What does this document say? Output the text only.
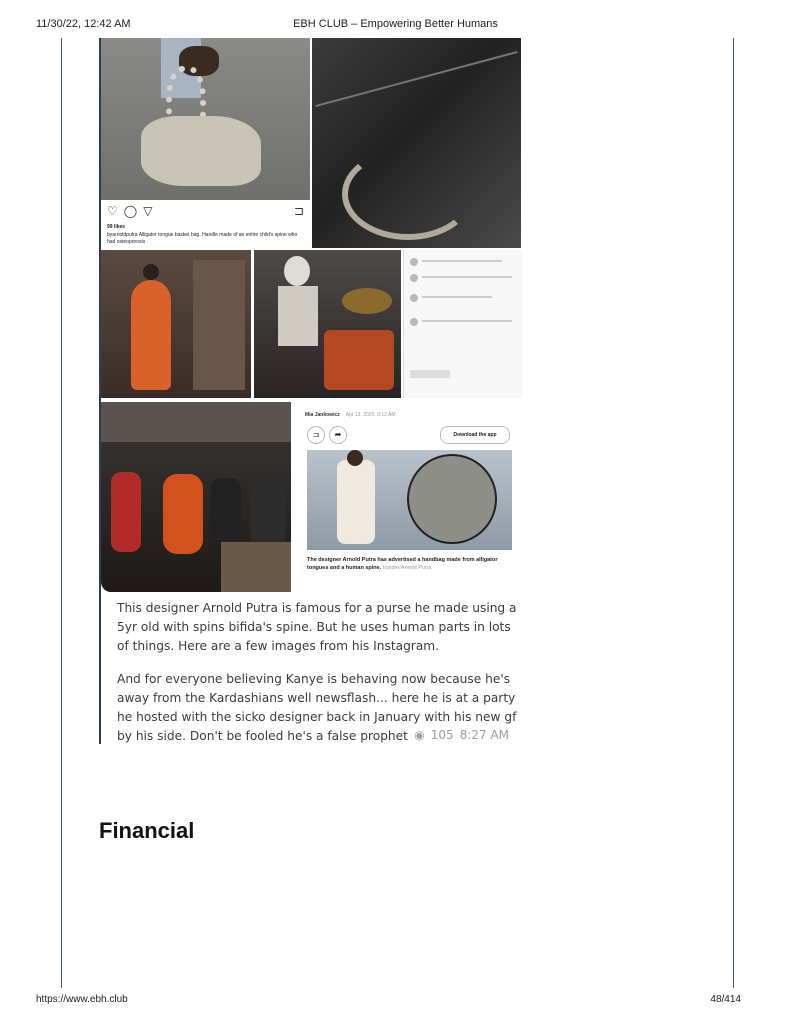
11/30/22, 12:42 AM	EBH CLUB – Empowering Better Humans
♡ ◯ ▽	⊐
99 likes
byarnoldputra Alligator tongue basket bag. Handle made of an entire child's spine who had osteoporosis
Mia Jankowicz Apr 13, 2020, 3:12 AM
⊐	➦	Download the app
The designer Arnold Putra has advertised a handbag made from alligator tongues and a human spine. Insider/Arnold Putra
This designer Arnold Putra is famous for a purse he made using a 5yr old with spins bifida's spine. But he uses human parts in lots of things. Here are a few images from his Instagram.
And for everyone believing Kanye is behaving now because he's away from the Kardashians well newsflash... here he is at a party he hosted with the sicko designer back in January with his new gf by his side. Don't be fooled he's a false prophet ◉ 105 8:27 AM
Financial
https://www.ebh.club	48/414
